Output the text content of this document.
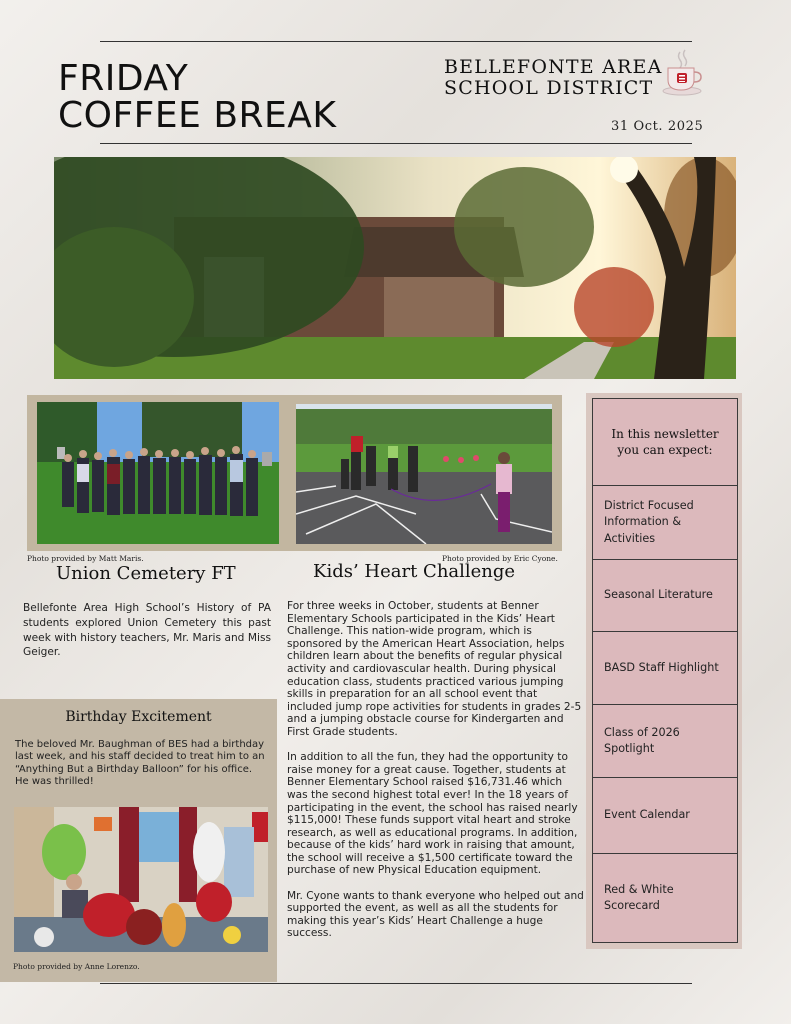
FRIDAY
COFFEE BREAK
BELLEFONTE AREA
SCHOOL DISTRICT
31 Oct. 2025
Photo provided by Matt Maris.	Photo provided by Eric Cyone.
Union Cemetery FT
Bellefonte Area High School’s History of PA students explored Union Cemetery this past week with history teachers, Mr. Maris and Miss Geiger.
Kids’ Heart Challenge

For three weeks in October, students at Benner Elementary Schools participated in the Kids’ Heart Challenge. This nation-wide program, which is sponsored by the American Heart Association, helps children learn about the benefits of regular physical activity and cardiovascular health. During physical education class, students practiced various jumping skills in preparation for an all school event that included jump rope activities for students in grades 2-5 and a jumping obstacle course for Kindergarten and First Grade students.

In addition to all the fun, they had the opportunity to raise money for a great cause. Together, students at Benner Elementary School raised $16,731.46 which was the second highest total ever! In the 18 years of participating in the event, the school has raised nearly $115,000! These funds support vital heart and stroke research, as well as educational programs. In addition, because of the kids’ hard work in raising that amount, the school will receive a $1,500 certificate toward the purchase of new Physical Education equipment.

Mr. Cyone wants to thank everyone who helped out and supported the event, as well as all the students for making this year’s Kids’ Heart Challenge a huge success.

Birthday Excitement
The beloved Mr. Baughman of BES had a birthday last week, and his staff decided to treat him to an “Anything But a Birthday Balloon” for his office. He was thrilled!
Photo provided by Anne Lorenzo.
In this newsletter
you can expect:
District Focused Information & Activities
Seasonal Literature
BASD Staff Highlight
Class of 2026 Spotlight
Event Calendar
Red & White Scorecard
